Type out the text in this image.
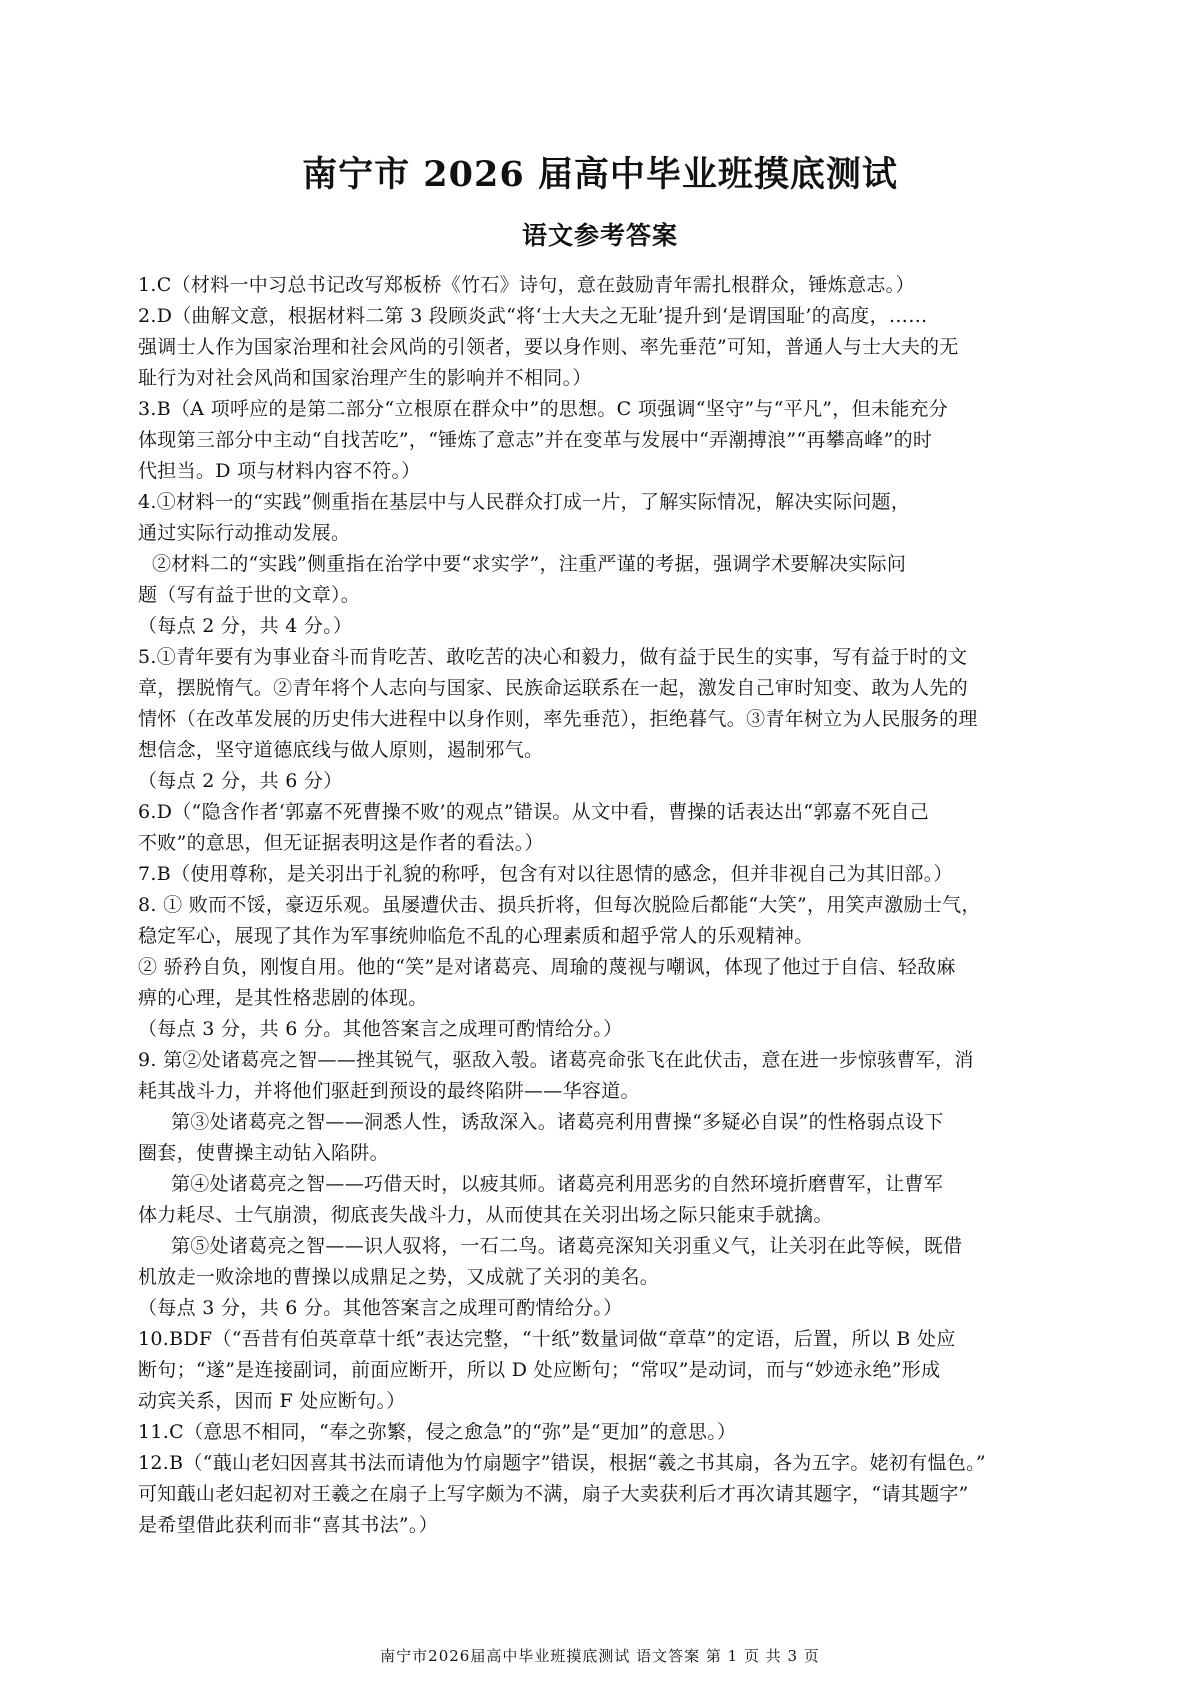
南宁市 2026 届高中毕业班摸底测试
语文参考答案
1.C（材料一中习总书记改写郑板桥《竹石》诗句，意在鼓励青年需扎根群众，锤炼意志。）
2.D（曲解文意，根据材料二第 3 段顾炎武“将‘士大夫之无耻’提升到‘是谓国耻’的高度，……
强调士人作为国家治理和社会风尚的引领者，要以身作则、率先垂范”可知，普通人与士大夫的无
耻行为对社会风尚和国家治理产生的影响并不相同。）
3.B（A 项呼应的是第二部分“立根原在群众中”的思想。C 项强调“坚守”与“平凡”，但未能充分
体现第三部分中主动“自找苦吃”，“锤炼了意志”并在变革与发展中“弄潮搏浪”“再攀高峰”的时
代担当。D 项与材料内容不符。）
4.①材料一的“实践”侧重指在基层中与人民群众打成一片，了解实际情况，解决实际问题，
通过实际行动推动发展。
②材料二的“实践”侧重指在治学中要“求实学”，注重严谨的考据，强调学术要解决实际问
题（写有益于世的文章）。
（每点 2 分，共 4 分。）
5.①青年要有为事业奋斗而肯吃苦、敢吃苦的决心和毅力，做有益于民生的实事，写有益于时的文
章，摆脱惰气。②青年将个人志向与国家、民族命运联系在一起，激发自己审时知变、敢为人先的
情怀（在改革发展的历史伟大进程中以身作则，率先垂范），拒绝暮气。③青年树立为人民服务的理
想信念，坚守道德底线与做人原则，遏制邪气。
（每点 2 分，共 6 分）
6.D（“隐含作者‘郭嘉不死曹操不败’的观点”错误。从文中看，曹操的话表达出“郭嘉不死自己
不败”的意思，但无证据表明这是作者的看法。）
7.B（使用尊称，是关羽出于礼貌的称呼，包含有对以往恩情的感念，但并非视自己为其旧部。）
8. ① 败而不馁，豪迈乐观。虽屡遭伏击、损兵折将，但每次脱险后都能“大笑”，用笑声激励士气，
稳定军心，展现了其作为军事统帅临危不乱的心理素质和超乎常人的乐观精神。
② 骄矜自负，刚愎自用。他的“笑”是对诸葛亮、周瑜的蔑视与嘲讽，体现了他过于自信、轻敌麻
痹的心理，是其性格悲剧的体现。
（每点 3 分，共 6 分。其他答案言之成理可酌情给分。）
9. 第②处诸葛亮之智——挫其锐气，驱敌入彀。诸葛亮命张飞在此伏击，意在进一步惊骇曹军，消
耗其战斗力，并将他们驱赶到预设的最终陷阱——华容道。
第③处诸葛亮之智——洞悉人性，诱敌深入。诸葛亮利用曹操“多疑必自误”的性格弱点设下
圈套，使曹操主动钻入陷阱。
第④处诸葛亮之智——巧借天时，以疲其师。诸葛亮利用恶劣的自然环境折磨曹军，让曹军
体力耗尽、士气崩溃，彻底丧失战斗力，从而使其在关羽出场之际只能束手就擒。
第⑤处诸葛亮之智——识人驭将，一石二鸟。诸葛亮深知关羽重义气，让关羽在此等候，既借
机放走一败涂地的曹操以成鼎足之势，又成就了关羽的美名。
（每点 3 分，共 6 分。其他答案言之成理可酌情给分。）
10.BDF（“吾昔有伯英章草十纸”表达完整，“十纸”数量词做“章草”的定语，后置，所以 B 处应
断句；“遂”是连接副词，前面应断开，所以 D 处应断句；“常叹”是动词，而与“妙迹永绝”形成
动宾关系，因而 F 处应断句。）
11.C（意思不相同，“奉之弥繁，侵之愈急”的“弥”是“更加”的意思。）
12.B（“蕺山老妇因喜其书法而请他为竹扇题字”错误，根据“羲之书其扇，各为五字。姥初有愠色。”
可知蕺山老妇起初对王羲之在扇子上写字颇为不满，扇子大卖获利后才再次请其题字，“请其题字”
是希望借此获利而非“喜其书法”。）

南宁市2026届高中毕业班摸底测试 语文答案 第 1 页 共 3 页
